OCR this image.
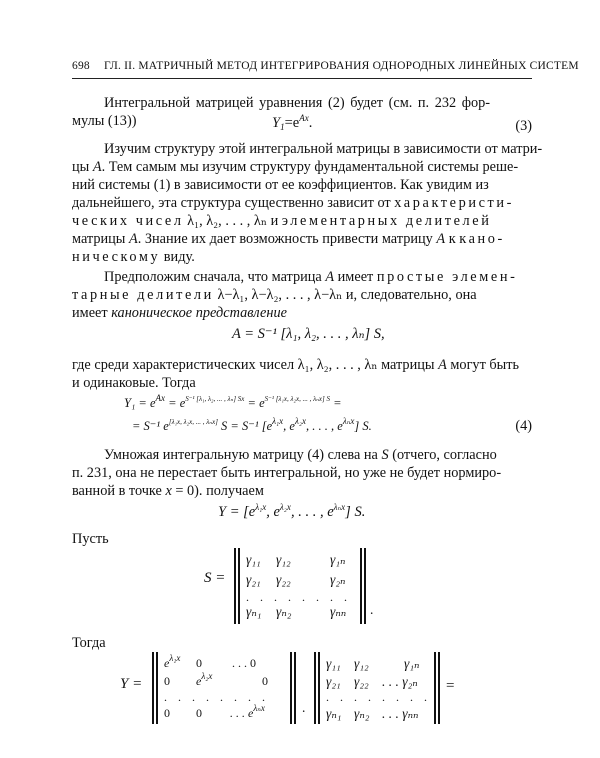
698 ГЛ. II. МАТРИЧНЫЙ МЕТОД ИНТЕГРИРОВАНИЯ ОДНОРОДНЫХ ЛИНЕЙНЫХ СИСТЕМ
Интегральной матрицей уравнения (2) будет (см. п. 232 фор-
мулы (13))	$Y_1=e^{Ax}$.	(3)
Изучим структуру этой интегральной матрицы в зависимости от матри-
цы A. Тем самым мы изучим структуру фундаментальной системы реше-
ний системы (1) в зависимости от ее коэффициентов. Как увидим из
дальнейшего, эта структура существенно зависит от характеристи-
ческих чисел λ₁, λ₂, . . . , λₙ и элементарных делителей
матрицы A. Знание их дает возможность привести матрицу A к кано-
ническому виду.
Предположим сначала, что матрица A имеет простые элемен-
тарные делители λ−λ₁, λ−λ₂, . . . , λ−λₙ и, следовательно, она
имеет каноническое представление
A = S⁻¹ [λ₁, λ₂, . . . , λₙ] S,
где среди характеристических чисел λ₁, λ₂, . . . , λₙ матрицы A могут быть
и одинаковые. Тогда
$Y_1 = e^{Ax} = e^{S^{-1} [\lambda_1, \lambda_2, ... , \lambda_n] Sx} = e^{S^{-1} [\lambda_1x, \lambda_2x, ... , \lambda_nx] S}$ =
= S⁻¹ e[λ₁x, λ₂x, ... , λₙx] S = S⁻¹ [$e^{\lambda_1x}$, $e^{\lambda_2x}$, . . . , $e^{\lambda_nx}$] S.	(4)
Умножая интегральную матрицу (4) слева на S (отчего, согласно
п. 231, она не перестает быть интегральной, но уже не будет нормиро-
ванной в точке x = 0). получаем
$Y = [e^{\lambda_1x}$, $e^{\lambda_2x}$, . . . , $e^{\lambda_nx}$] S.
Пусть
S =
γ₁₁ γ₁₂	γ₁ₙ
γ₂₁ γ₂₂	γ₂ₙ
. . . . . . . .
γₙ₁ γₙ₂	γₙₙ .
Тогда
Y =
$e^{\lambda_1x}$ 0	. . . 0
0 $e^{\lambda_2x}$	0
. . . . . . . .
0 0 . . . $e^{\lambda_nx}$	.
γ₁₁ γ₁₂	γ₁ₙ
γ₂₁ γ₂₂ . . . γ₂ₙ
. . . . . . . .
γₙ₁ γₙ₂ . . . γₙₙ
=
